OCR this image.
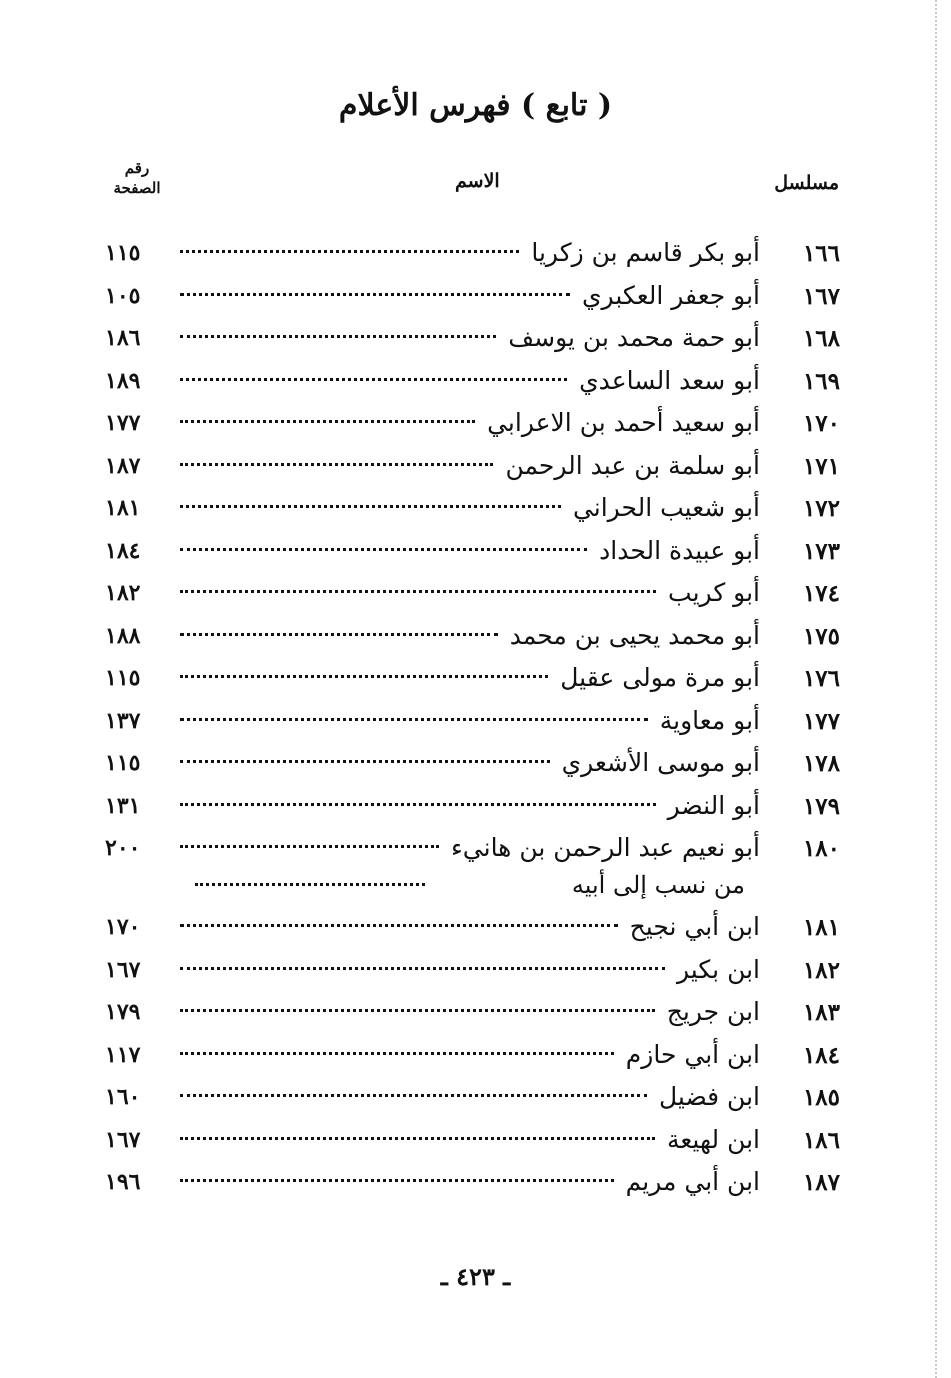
( تابع ) فهرس الأعلام
مسلسل
الاسم
رقم
الصفحة
١٦٦
أبو بكر قاسم بن زكريا
١١٥
١٦٧
أبو جعفر العكبري
١٠٥
١٦٨
أبو حمة محمد بن يوسف
١٨٦
١٦٩
أبو سعد الساعدي
١٨٩
١٧٠
أبو سعيد أحمد بن الاعرابي
١٧٧
١٧١
أبو سلمة بن عبد الرحمن
١٨٧
١٧٢
أبو شعيب الحراني
١٨١
١٧٣
أبو عبيدة الحداد
١٨٤
١٧٤
أبو كريب
١٨٢
١٧٥
أبو محمد يحيى بن محمد
١٨٨
١٧٦
أبو مرة مولى عقيل
١١٥
١٧٧
أبو معاوية
١٣٧
١٧٨
أبو موسى الأشعري
١١٥
١٧٩
أبو النضر
١٣١
١٨٠
أبو نعيم عبد الرحمن بن هانيء
٢٠٠
من نسب إلى أبيه
١٨١
ابن أبي نجيح
١٧٠
١٨٢
ابن بكير
١٦٧
١٨٣
ابن جريج
١٧٩
١٨٤
ابن أبي حازم
١١٧
١٨٥
ابن فضيل
١٦٠
١٨٦
ابن لهيعة
١٦٧
١٨٧
ابن أبي مريم
١٩٦
ـ ٤٢٣ ـ
